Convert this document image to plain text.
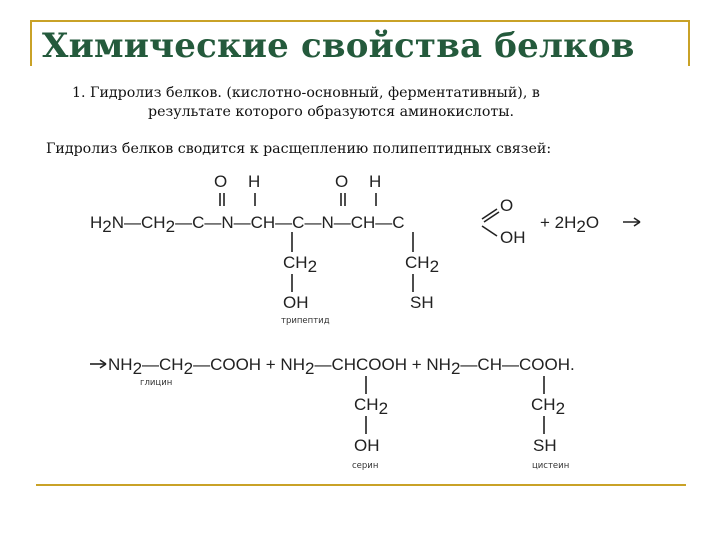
Химические свойства белков
1. Гидролиз белков. (кислотно-основный, ферментативный), в
результате которого образуются аминокислоты.
Гидролиз белков сводится к расщеплению полипептидных связей:
O H	O H
H2N—CH2—C—N—CH—C—N—CH—C
O
OH
+ 2H2O
CH2
OH
CH2
SH
трипептид
NH2—CH2—COOH + NH2—CHCOOH + NH2—CH—COOH.
глицин
CH2
OH
серин
CH2
SH
цистеин
